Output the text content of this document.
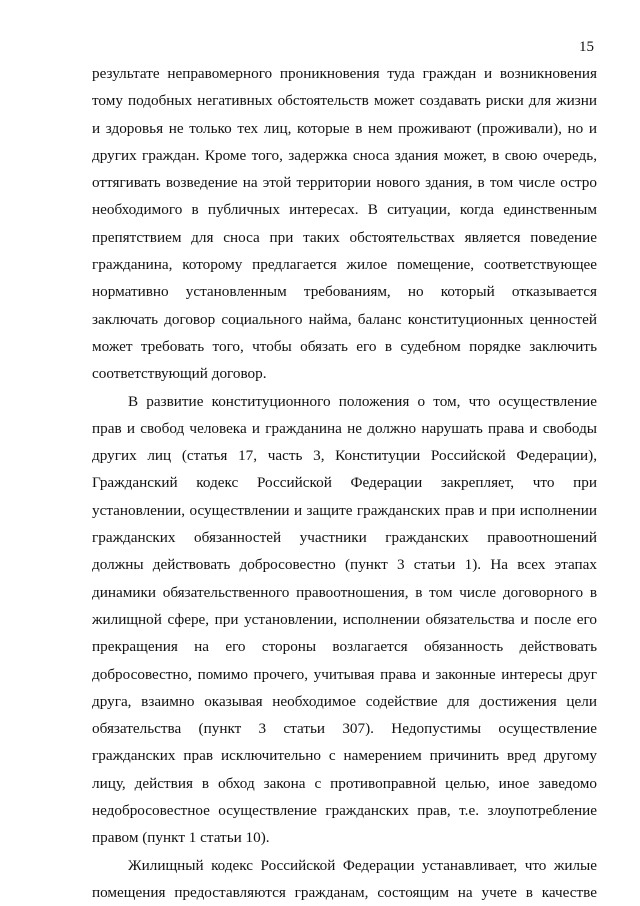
15
результате неправомерного проникновения туда граждан и возникновения
тому подобных негативных обстоятельств может создавать риски для жизни
и здоровья не только тех лиц, которые в нем проживают (проживали), но и
других граждан. Кроме того, задержка сноса здания может, в свою очередь,
оттягивать возведение на этой территории нового здания, в том числе остро
необходимого в публичных интересах. В ситуации, когда единственным
препятствием для сноса при таких обстоятельствах является поведение
гражданина, которому предлагается жилое помещение, соответствующее
нормативно установленным требованиям, но который отказывается
заключать договор социального найма, баланс конституционных ценностей
может требовать того, чтобы обязать его в судебном порядке заключить
соответствующий договор.
В развитие конституционного положения о том, что осуществление
прав и свобод человека и гражданина не должно нарушать права и свободы
других лиц (статья 17, часть 3, Конституции Российской Федерации),
Гражданский кодекс Российской Федерации закрепляет, что при
установлении, осуществлении и защите гражданских прав и при исполнении
гражданских обязанностей участники гражданских правоотношений
должны действовать добросовестно (пункт 3 статьи 1). На всех этапах
динамики обязательственного правоотношения, в том числе договорного в
жилищной сфере, при установлении, исполнении обязательства и после его
прекращения на его стороны возлагается обязанность действовать
добросовестно, помимо прочего, учитывая права и законные интересы друг
друга, взаимно оказывая необходимое содействие для достижения цели
обязательства (пункт 3 статьи 307). Недопустимы осуществление
гражданских прав исключительно с намерением причинить вред другому
лицу, действия в обход закона с противоправной целью, иное заведомо
недобросовестное осуществление гражданских прав, т.е. злоупотребление
правом (пункт 1 статьи 10).
Жилищный кодекс Российской Федерации устанавливает, что жилые
помещения предоставляются гражданам, состоящим на учете в качестве
